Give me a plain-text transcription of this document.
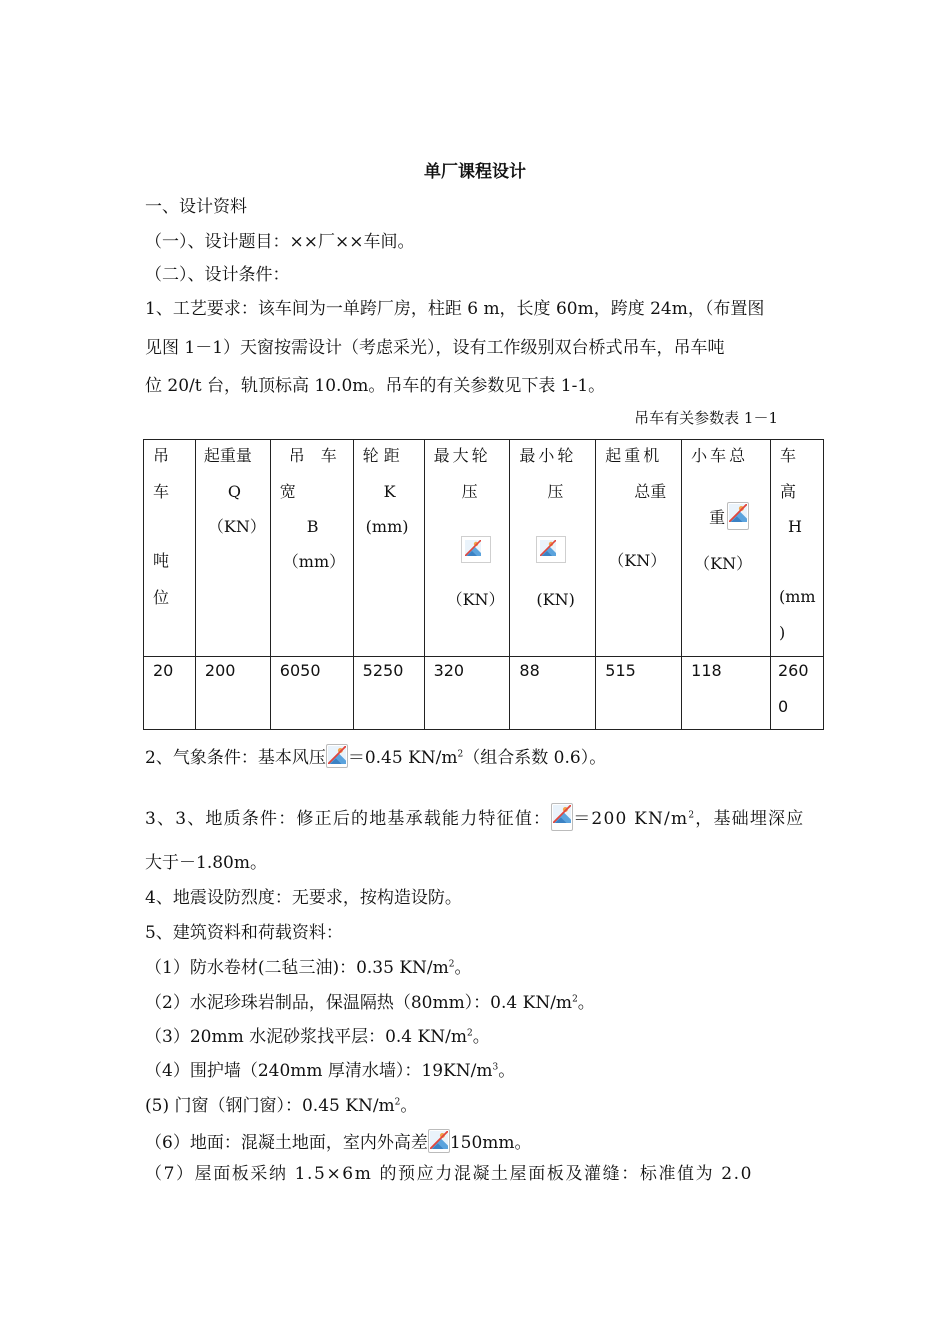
单厂课程设计

一、设计资料

（一）、设计题目：××厂××车间。

（二）、设计条件：

1、工艺要求：该车间为一单跨厂房，柱距 6 m，长度 60m，跨度 24m，（布置图

见图 1－1）天窗按需设计（考虑采光），设有工作级别双台桥式吊车，吊车吨

位 20/t 台，轨顶标高 10.0m。吊车的有关参数见下表 1-1。

吊车有关参数表 1－1

吊
车
吨
位	起重量
Q
（KN）	吊　车
宽
B
（mm）	轮 距
K
(mm)	最大轮
压
（KN）	最小轮
压
(KN)	起重机
总重
（KN）	小车总
重
（KN）	车
高
H
(mm
)

20	200	6050	5250	320	88	515	118	260
0

2、气象条件：基本风压 ＝0.45 $KN/m^2$（组合系数 0.6）。

3、3、地质条件：修正后的地基承载能力特征值： ＝200 $KN/m^2$，基础埋深应

大于－1.80m。

4、地震设防烈度：无要求，按构造设防。

5、建筑资料和荷载资料：

（1）防水卷材(二毡三油)：0.35 $KN/m^2$。

（2）水泥珍珠岩制品，保温隔热（80mm）：0.4 $KN/m^2$。

（3）20mm 水泥砂浆找平层：0.4 $KN/m^2$。

（4）围护墙（240mm 厚清水墙）：$19KN/m^3$。

(5) 门窗（钢门窗）：0.45 $KN/m^2$。

（6）地面：混凝土地面，室内外高差 150mm。

（7）屋面板采纳 1.5×6m 的预应力混凝土屋面板及灌缝：标准值为 2.0
